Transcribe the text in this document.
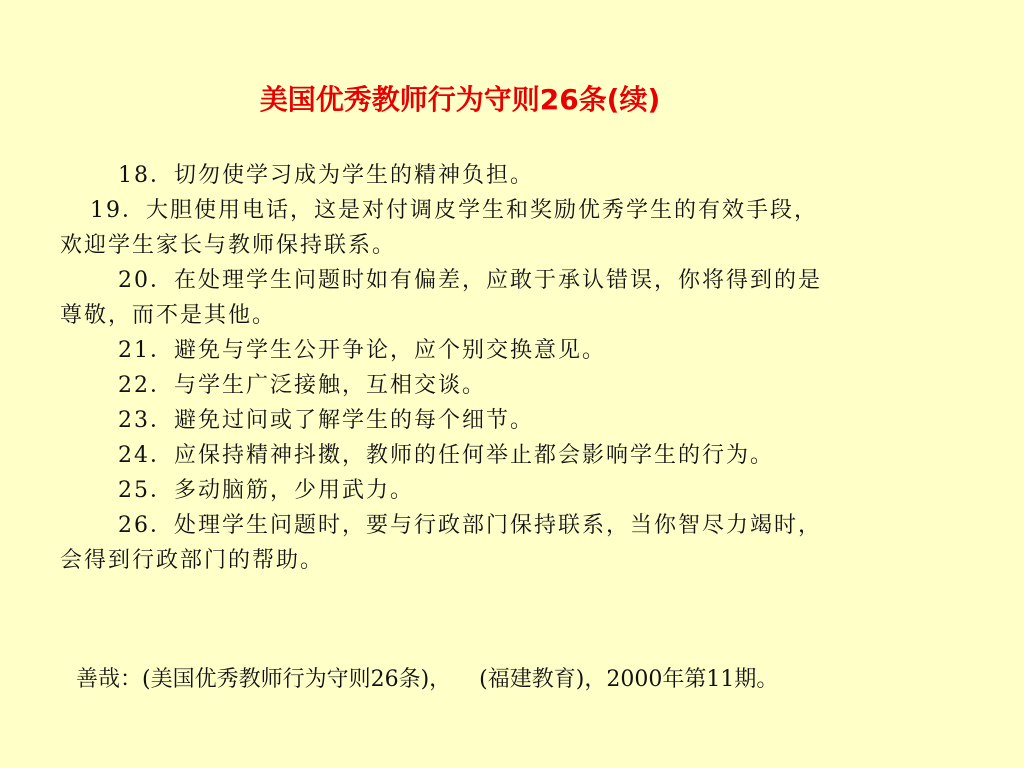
美国优秀教师行为守则26条(续)
18．切勿使学习成为学生的精神负担。
19．大胆使用电话，这是对付调皮学生和奖励优秀学生的有效手段，
欢迎学生家长与教师保持联系。
20．在处理学生问题时如有偏差，应敢于承认错误，你将得到的是
尊敬，而不是其他。
21．避免与学生公开争论，应个别交换意见。
22．与学生广泛接触，互相交谈。
23．避免过问或了解学生的每个细节。
24．应保持精神抖擞，教师的任何举止都会影响学生的行为。
25．多动脑筋，少用武力。
26．处理学生问题时，要与行政部门保持联系，当你智尽力竭时，
会得到行政部门的帮助。
善哉：(美国优秀教师行为守则26条)， (福建教育)，2000年第11期。
